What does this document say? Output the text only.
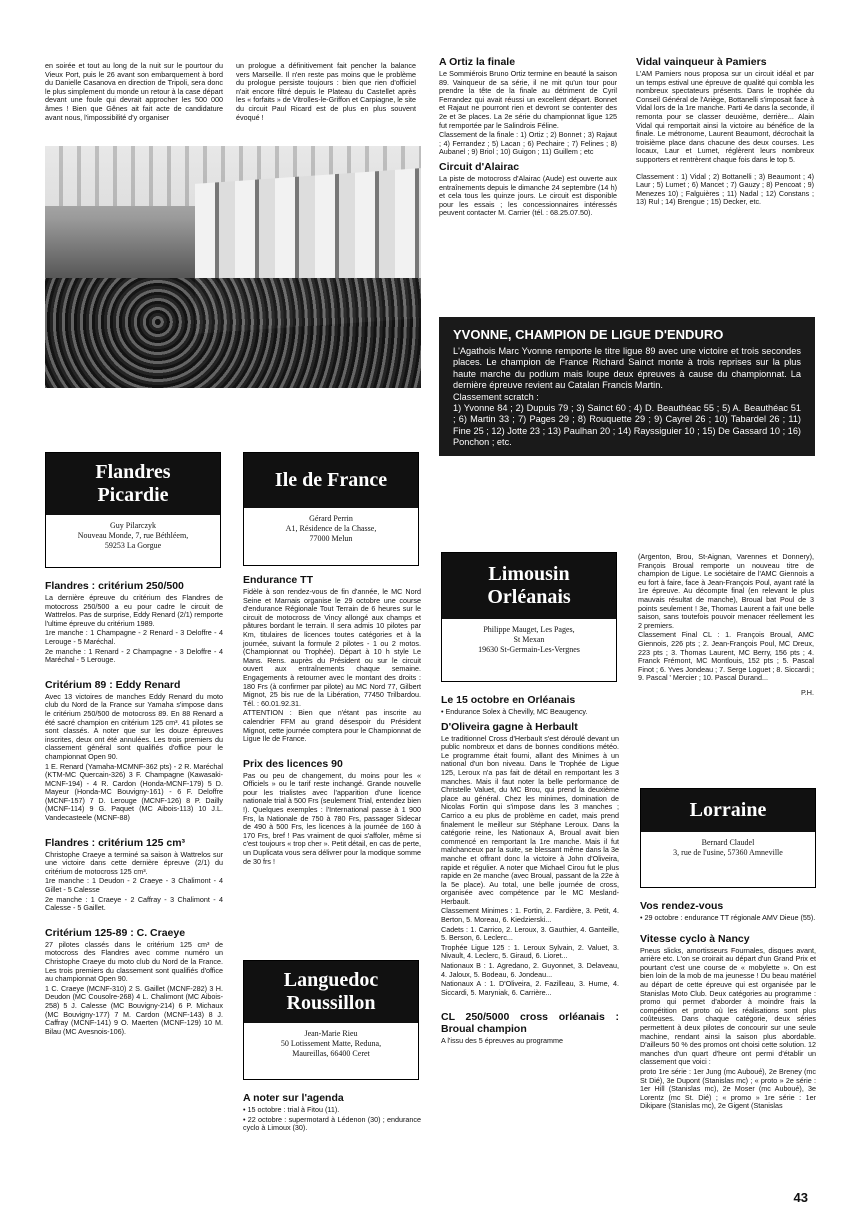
en soirée et tout au long de la nuit sur le pourtour du Vieux Port, puis le 26 avant son embarquement à bord du Danielle Casanova en direction de Tripoli, sera donc le plus simplement du monde un retour à la case départ devant une foule qui devrait approcher les 500 000 âmes ! Bien que Gênes ait fait acte de candidature avant nous, l'impossibilité d'y organiser

un prologue a définitivement fait pencher la balance vers Marseille. Il n'en reste pas moins que le problème du prologue persiste toujours : bien que rien d'officiel n'ait encore filtré depuis le Plateau du Castellet après les « forfaits » de Vitrolles-le-Griffon et Carpiagne, le site du circuit Paul Ricard est de plus en plus souvent évoqué !

A Ortiz la finale

Le Sommiérois Bruno Ortiz termine en beauté la saison 89. Vainqueur de sa série, il ne mit qu'un tour pour prendre la tête de la finale au détriment de Cyril Ferrandez qui avait réussi un excellent départ. Bonnet et Rajaut ne pourront rien et devront se contenter des 2e et 3e places. La 2e série du championnat ligue 125 fut remportée par le Salindrois Féline.

Classement de la finale : 1) Ortiz ; 2) Bonnet ; 3) Rajaut ; 4) Ferrandez ; 5) Lacan ; 6) Pechaire ; 7) Felines ; 8) Aubanel ; 9) Briol ; 10) Guigon ; 11) Guillem ; etc

Circuit d'Alairac

La piste de motocross d'Alairac (Aude) est ouverte aux entraînements depuis le dimanche 24 septembre (14 h) et cela tous les quinze jours. Le circuit est disponible pour les essais ; les concessionnaires intéressés peuvent contacter M. Carrier (tél. : 68.25.07.50).

Vidal vainqueur à Pamiers

L'AM Pamiers nous proposa sur un circuit idéal et par un temps estival une épreuve de qualité qui combla les nombreux spectateurs présents. Dans le trophée du Conseil Général de l'Ariège, Bottanelli s'imposait face à Vidal lors de la 1re manche. Parti 4e dans la seconde, il remonta pour se classer deuxième, derrière... Alain Vidal qui remportait ainsi la victoire au bénéfice de la finale. Le métronome, Laurent Beaumont, décrochait la troisième place dans chacune des deux courses. Les locaux, Laur et Lumet, réglèrent leurs nombreux supporters et rentrèrent chaque fois dans le top 5.

Classement : 1) Vidal ; 2) Bottanelli ; 3) Beaumont ; 4) Laur ; 5) Lumet ; 6) Mancet ; 7) Gauzy ; 8) Pencoat ; 9) Menezes 10) ; Falguières ; 11) Nadal ; 12) Constans ; 13) Rul ; 14) Brengue ; 15) Decker, etc.

YVONNE, CHAMPION DE LIGUE D'ENDURO

L'Agathois Marc Yvonne remporte le titre ligue 89 avec une victoire et trois secondes places. Le champion de France Richard Sainct monte à trois reprises sur la plus haute marche du podium mais loupe deux épreuves à cause du championnat. La dernière épreuve revient au Catalan Francis Martin.

Classement scratch :

1) Yvonne 84 ; 2) Dupuis 79 ; 3) Sainct 60 ; 4) D. Beauthéac 55 ; 5) A. Beauthéac 51 ; 6) Martin 33 ; 7) Pages 29 ; 8) Rouquette 29 ; 9) Cayrel 26 ; 10) Tabardel 26 ; 11) Fine 25 ; 12) Jotte 23 ; 13) Paulhan 20 ; 14) Rayssiguier 10 ; 15) De Gassard 10 ; 16) Ponchon ; etc.

Flandres
Picardie
Guy Pilarczyk
Nouveau Monde, 7, rue Béthléem,
59253 La Gorgue
Flandres : critérium 250/500

La dernière épreuve du critérium des Flandres de motocross 250/500 a eu pour cadre le circuit de Wattrelos. Pas de surprise, Eddy Renard (2/1) remporte l'ultime épreuve du critérium 1989.

1re manche : 1 Champagne - 2 Renard - 3 Deloffre - 4 Lerouge - 5 Maréchal.

2e manche : 1 Renard - 2 Champagne - 3 Deloffre - 4 Maréchal - 5 Lerouge.

Critérium 89 : Eddy Renard

Avec 13 victoires de manches Eddy Renard du moto club du Nord de la France sur Yamaha s'impose dans le critérium 250/500 de motocross 89. En 88 Renard a été sacré champion en critérium 125 cm³. 41 pilotes se sont classés. A noter que sur les douze épreuves inscrites, deux ont été annulées. Les trois premiers du classement général sont qualifiés d'office pour le championnat Open 90.

1 E. Renard (Yamaha-MCMNF-362 pts) - 2 R. Maréchal (KTM-MC Quercain-326) 3 F. Champagne (Kawasaki-MCNF-194) - 4 R. Cardon (Honda-MCNF-179) 5 D. Mayeur (Honda-MC Bouvigny-161) - 6 F. Deloffre (MCNF-157) 7 D. Lerouge (MCNF-126) 8 P. Dailly (MCNF-114) 9 G. Paquet (MC Aibois-113) 10 J.L. Vandecasteele (MCNF-88)

Flandres : critérium 125 cm³

Christophe Craeye a terminé sa saison à Wattrelos sur une victoire dans cette dernière épreuve (2/1) du critérium de motocross 125 cm³.

1re manche : 1 Deudon - 2 Craeye - 3 Chalimont - 4 Gillet - 5 Calesse

2e manche : 1 Craeye - 2 Caffray - 3 Chalimont - 4 Calesse - 5 Gaillet.

Critérium 125-89 : C. Craeye

27 pilotes classés dans le critérium 125 cm³ de motocross des Flandres avec comme numéro un Christophe Craeye du moto club du Nord de la France. Les trois premiers du classement sont qualifiés d'office au championnat Open 90.

1 C. Craeye (MCNF-310) 2 S. Gaillet (MCNF-282) 3 H. Deudon (MC Cousolre-268) 4 L. Chalimont (MC Aibois-258) 5 J. Calesse (MC Bouvigny-214) 6 P. Michaux (MC Bouvigny-177) 7 M. Cardon (MCNF-143) 8 J. Caffray (MCNF-141) 9 O. Maerten (MCNF-129) 10 M. Bilau (MC Avesnois-106).

Ile de France
Gérard Perrin
A1, Résidence de la Chasse,
77000 Melun
Endurance TT

Fidèle à son rendez-vous de fin d'année, le MC Nord Seine et Marnais organise le 29 octobre une course d'endurance Régionale Tout Terrain de 6 heures sur le circuit de motocross de Vincy allongé aux champs et pâtures bordant le terrain. Il sera admis 10 pilotes par Km, titulaires de licences toutes catégories et à la journée, suivant la formule 2 pilotes - 1 ou 2 motos. (Championnat ou Trophée). Départ à 10 h style Le Mans. Rens. auprès du Président ou sur le circuit ouvert aux entraînements chaque semaine. Engagements à retourner avec le montant des droits : 180 Frs (à confirmer par pilote) au MC Nord 77, Gilbert Mignot, 25 bis rue de la Libération, 77450 Trilbardou. Tél. : 60.01.92.31.

ATTENTION : Bien que n'étant pas inscrite au calendrier FFM au grand désespoir du Président Mignot, cette journée comptera pour le Championnat de Ligue Ile de France.

Prix des licences 90

Pas ou peu de changement, du moins pour les « Officiels » ou le tarif reste inchangé. Grande nouvelle pour les trialistes avec l'apparition d'une licence nationale trial à 500 Frs (seulement Trial, entendez bien !). Quelques exemples : l'International passe à 1 900 Frs, la Nationale de 750 à 780 Frs, passager Sidecar de 490 à 500 Frs, les licences à la journée de 160 à 170 Frs, bref ! Pas vraiment de quoi s'affoler, même si c'est toujours « trop cher ». Petit détail, en cas de perte, un Duplicata vous sera délivrer pour la modique somme de 30 frs !

Languedoc
Roussillon
Jean-Marie Rieu
50 Lotissement Matte, Reduna,
Maureillas, 66400 Ceret
A noter sur l'agenda

• 15 octobre : trial à Fitou (11).

• 22 octobre : supermotard à Lédenon (30) ; endurance cyclo à Limoux (30).

Limousin
Orléanais
Philippe Mauget, Les Pages,
St Mexan
19630 St-Germain-Les-Vergnes
Le 15 octobre en Orléanais

• Endurance Solex à Chevilly, MC Beaugency.

D'Oliveira gagne à Herbault

Le traditionnel Cross d'Herbault s'est déroulé devant un public nombreux et dans de bonnes conditions météo. Le programme était fourni, allant des Minimes à un national d'un bon niveau. Dans le Trophée de Ligue 125, Leroux n'a pas fait de détail en remportant les 3 manches. Mais il faut noter la belle performance de Christelle Valuet, du MC Brou, qui prend la deuxième place au général. Chez les minimes, domination de Nicolas Fortin qui s'impose dans les 3 manches ; Carrico a eu plus de problème en cadet, mais prend finalement le meilleur sur Stéphane Leroux. Dans la catégorie reine, les Nationaux A, Broual avait bien commencé en remportant la 1re manche. Mais il fut malchanceux par la suite, se blessant même dans la 3e manche et offrant donc la victoire à John d'Oliveira, rapide et régulier. A noter que Michael Cirou fut le plus rapide en 2e manche (avec Broual, passant de la 22e à la 5e place). Au total, une belle journée de cross, organisée avec compétence par le MC Mesland-Herbault.

Classement Minimes : 1. Fortin, 2. Fardière, 3. Petit, 4. Berton, 5. Moreau, 6. Kiedzierski...

Cadets : 1. Carrico, 2. Leroux, 3. Gauthier, 4. Ganteille, 5. Berson, 6. Leclerc...

Trophée Ligue 125 : 1. Leroux Sylvain, 2. Valuet, 3. Nivault, 4. Leclerc, 5. Giraud, 6. Lioret...

Nationaux B : 1. Agredano, 2. Guyonnet, 3. Delaveau, 4. Jaloux, 5. Bodeau, 6. Jondeau...

Nationaux A : 1. D'Oliveira, 2. Fazilleau, 3. Hume, 4. Siccardi, 5. Maryniak, 6. Carrière...

CL 250/5000 cross orléanais : Broual champion

A l'issu des 5 épreuves au programme

(Argenton, Brou, St-Aignan, Varennes et Donnery), François Broual remporte un nouveau titre de champion de Ligue. Le sociétaire de l'AMC Giennois a eu fort à faire, face à Jean-François Poul, ayant raté la 1re épreuve. Au décompte final (en relevant le plus mauvais résultat de manche), Broual bat Poul de 3 points seulement ! 3e, Thomas Laurent a fait une belle saison, sans toutefois pouvoir menacer réellement les 2 premiers.

Classement Final CL : 1. François Broual, AMC Giennois, 226 pts ; 2. Jean-François Poul, MC Dreux, 223 pts ; 3. Thomas Laurent, MC Berry, 156 pts ; 4. Franck Frémont, MC Montlouis, 152 pts ; 5. Pascal Finot ; 6. Yves Jondeau ; 7. Serge Loguet ; 8. Siccardi ; 9. Pascal ' Mercier ; 10. Pascal Durand...

P.H.

Lorraine
Bernard Claudel
3, rue de l'usine, 57360 Amneville
Vos rendez-vous

• 29 octobre : endurance TT régionale AMV Dieue (55).

Vitesse cyclo à Nancy

Pneus slicks, amortisseurs Fournales, disques avant, arrière etc. L'on se croirait au départ d'un Grand Prix et pourtant c'est une course de « mobylette ». On est bien loin de la mob de ma jeunesse ! Du beau matériel au départ de cette épreuve qui est organisée par le Stanislas Moto Club. Deux catégories au programme : promo qui permet d'aborder à moindre frais la compétition et proto où les réalisations sont plus coûteuses. Dans chaque catégorie, deux séries permettent à deux pilotes de concourir sur une seule machine, rendant ainsi la saison plus abordable. D'ailleurs 50 % des promos ont choisi cette solution. 12 manches d'un quart d'heure ont permi d'établir un classement que voici :

proto 1re série : 1er Jung (mc Auboué), 2e Breney (mc St Dié), 3e Dupont (Stanislas mc) ; « proto » 2e série : 1er Hill (Stanislas mc), 2e Moser (mc Auboué), 3e Lorentz (mc St. Dié) ; « promo » 1re série : 1er Dikipare (Stanislas mc), 2e Gigent (Stanislas

43
